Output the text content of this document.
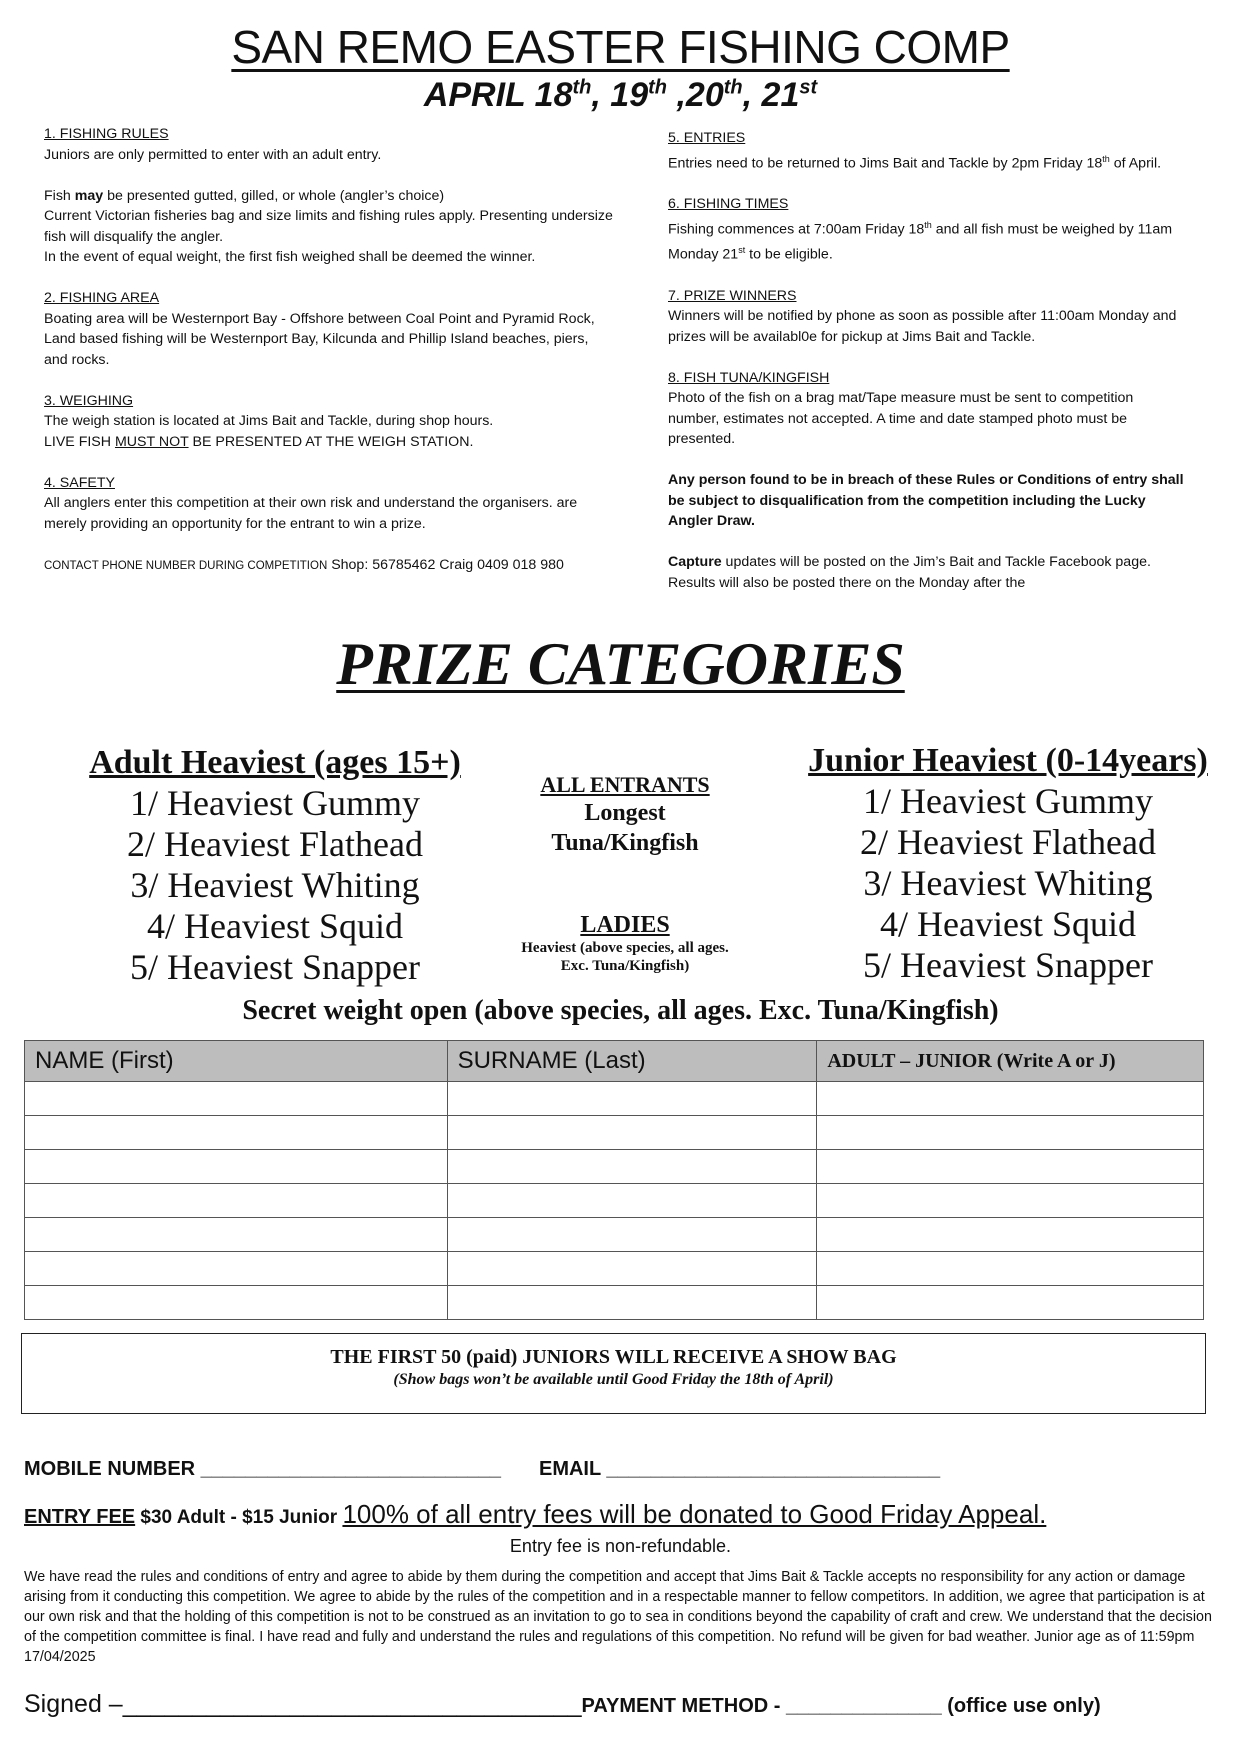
SAN REMO EASTER FISHING COMP
APRIL 18th, 19th ,20th, 21st

1. FISHING RULES

Juniors are only permitted to enter with an adult entry.

Fish may be presented gutted, gilled, or whole (angler’s choice)

Current Victorian fisheries bag and size limits and fishing rules apply. Presenting undersize fish will disqualify the angler.

In the event of equal weight, the first fish weighed shall be deemed the winner.

2. FISHING AREA

Boating area will be Westernport Bay - Offshore between Coal Point and Pyramid Rock, Land based fishing will be Westernport Bay, Kilcunda and Phillip Island beaches, piers, and rocks.

3. WEIGHING

The weigh station is located at Jims Bait and Tackle, during shop hours.

LIVE FISH MUST NOT BE PRESENTED AT THE WEIGH STATION.

4. SAFETY

All anglers enter this competition at their own risk and understand the organisers. are merely providing an opportunity for the entrant to win a prize.

CONTACT PHONE NUMBER DURING COMPETITION Shop: 56785462 Craig 0409 018 980

5. ENTRIES

Entries need to be returned to Jims Bait and Tackle by 2pm Friday 18th of April.

6. FISHING TIMES

Fishing commences at 7:00am Friday 18th and all fish must be weighed by 11am Monday 21st to be eligible.

7. PRIZE WINNERS

Winners will be notified by phone as soon as possible after 11:00am Monday and prizes will be availabl0e for pickup at Jims Bait and Tackle.

8. FISH TUNA/KINGFISH

Photo of the fish on a brag mat/Tape measure must be sent to competition number, estimates not accepted. A time and date stamped photo must be presented.

Any person found to be in breach of these Rules or Conditions of entry shall be subject to disqualification from the competition including the Lucky Angler Draw.

Capture updates will be posted on the Jim’s Bait and Tackle Facebook page. Results will also be posted there on the Monday after the

PRIZE CATEGORIES
Adult Heaviest (ages 15+)
1/ Heaviest Gummy
2/ Heaviest Flathead
3/ Heaviest Whiting
4/ Heaviest Squid
5/ Heaviest Snapper
ALL ENTRANTS
Longest
Tuna/Kingfish
LADIES
Heaviest (above species, all ages.
Exc. Tuna/Kingfish)
Junior Heaviest (0-14years)
1/ Heaviest Gummy
2/ Heaviest Flathead
3/ Heaviest Whiting
4/ Heaviest Squid
5/ Heaviest Snapper
Secret weight open (above species, all ages. Exc. Tuna/Kingfish)
NAME (First)	SURNAME (Last)	ADULT – JUNIOR (Write A or J)

THE FIRST 50 (paid) JUNIORS WILL RECEIVE A SHOW BAG
(Show bags won’t be available until Good Friday the 18th of April)
MOBILE NUMBER ___________________________ EMAIL ______________________________
ENTRY FEE $30 Adult - $15 Junior 100% of all entry fees will be donated to Good Friday Appeal.
Entry fee is non-refundable.
We have read the rules and conditions of entry and agree to abide by them during the competition and accept that Jims Bait & Tackle accepts no responsibility for any action or damage arising from it conducting this competition. We agree to abide by the rules of the competition and in a respectable manner to fellow competitors. In addition, we agree that participation is at our own risk and that the holding of this competition is not to be construed as an invitation to go to sea in conditions beyond the capability of craft and crew. We understand that the decision of the competition committee is final. I have read and fully and understand the rules and regulations of this competition. No refund will be given for bad weather. Junior age as of 11:59pm 17/04/2025
Signed –_________________________________PAYMENT METHOD - ______________ (office use only)
